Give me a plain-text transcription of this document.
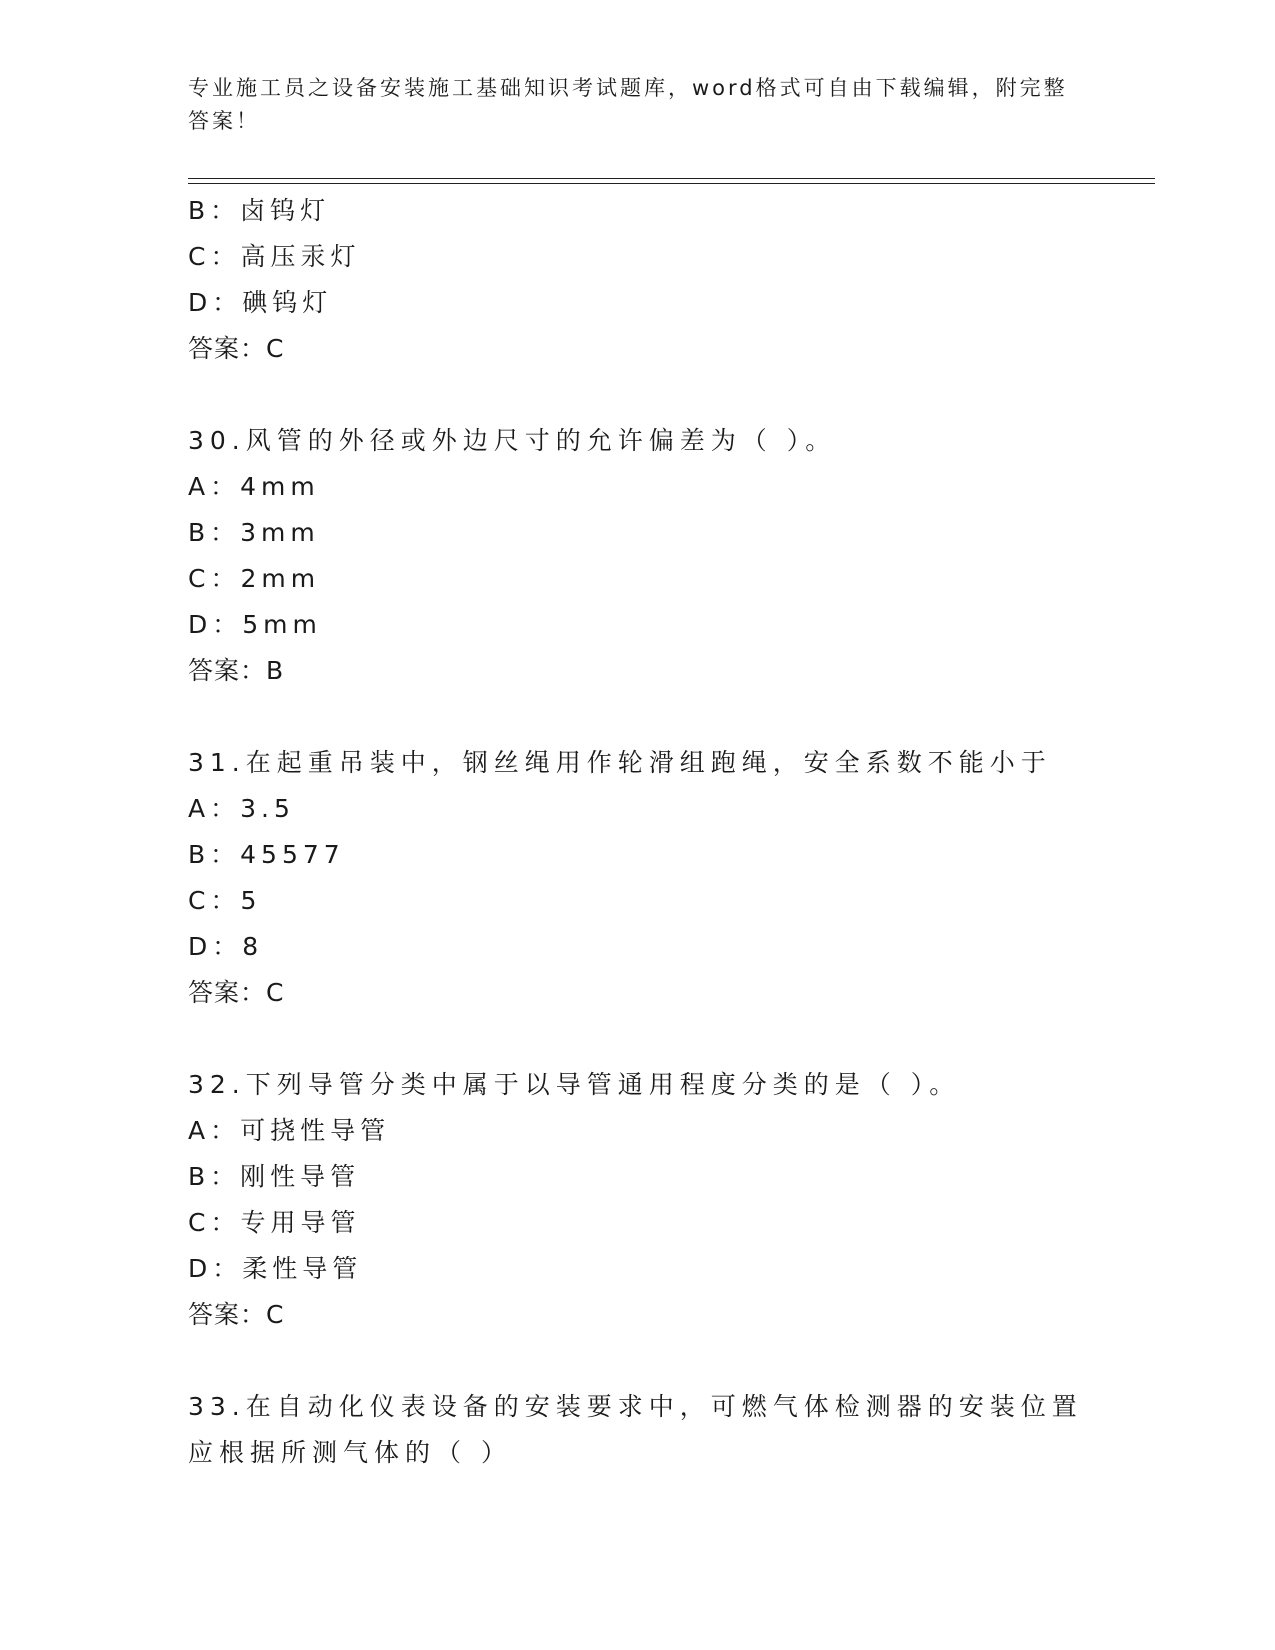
专业施工员之设备安装施工基础知识考试题库，word格式可自由下载编辑，附完整答案！
B：卤钨灯
C：高压汞灯
D：碘钨灯
答案：C
30.风管的外径或外边尺寸的允许偏差为（ ）。
A：4mm
B：3mm
C：2mm
D：5mm
答案：B
31.在起重吊装中，钢丝绳用作轮滑组跑绳，安全系数不能小于
A：3.5
B：45577
C：5
D：8
答案：C
32.下列导管分类中属于以导管通用程度分类的是（ ）。
A：可挠性导管
B：刚性导管
C：专用导管
D：柔性导管
答案：C
33.在自动化仪表设备的安装要求中，可燃气体检测器的安装位置应根据所测气体的（ ）
